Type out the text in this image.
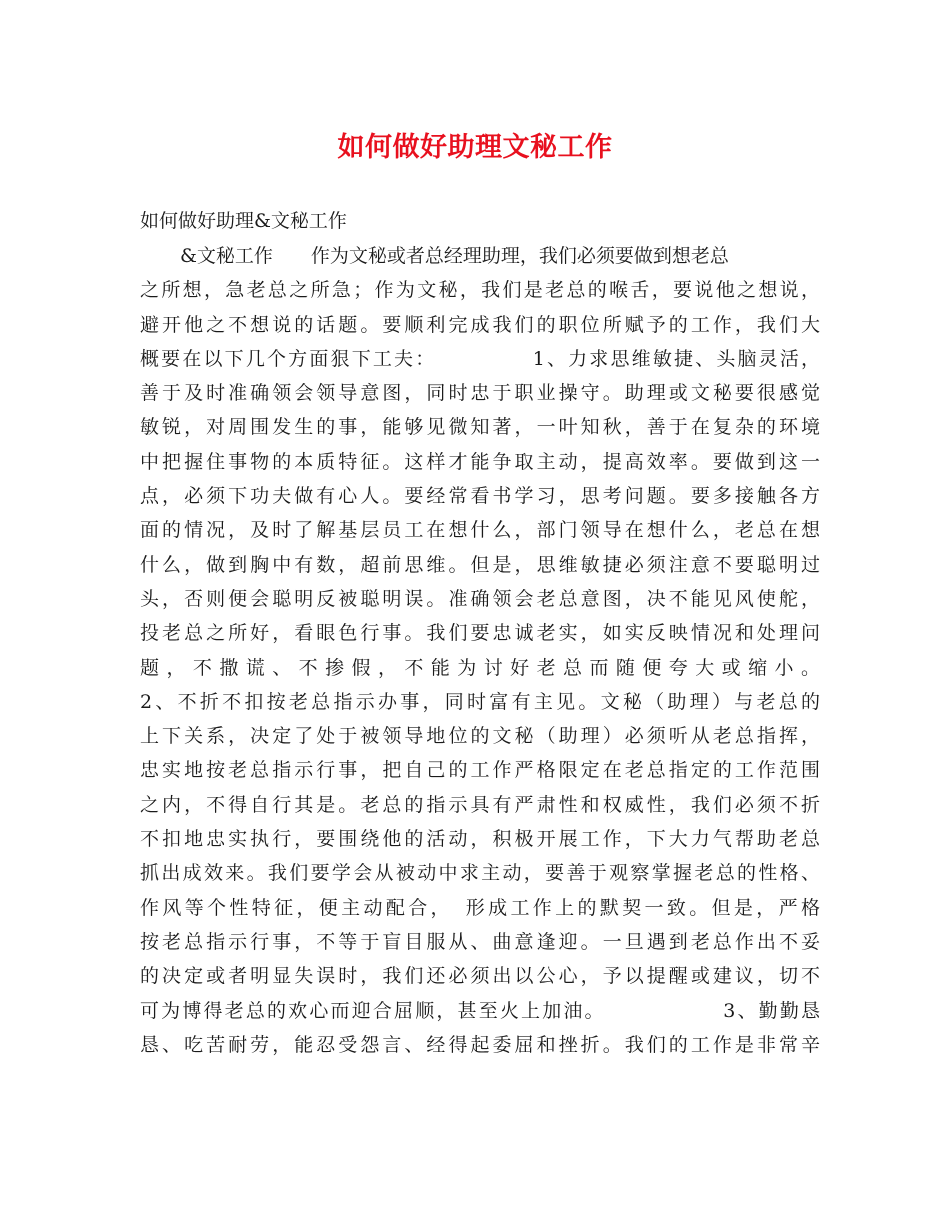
如何做好助理文秘工作
如何做好助理&文秘工作
&文秘工作　　作为文秘或者总经理助理，我们必须要做到想老总
之所想，急老总之所急；作为文秘，我们是老总的喉舌，要说他之想说，
避开他之不想说的话题。要顺利完成我们的职位所赋予的工作，我们大
概要在以下几个方面狠下工夫：　　　　　1、力求思维敏捷、头脑灵活，
善于及时准确领会领导意图，同时忠于职业操守。助理或文秘要很感觉
敏锐，对周围发生的事，能够见微知著，一叶知秋，善于在复杂的环境
中把握住事物的本质特征。这样才能争取主动，提高效率。要做到这一
点，必须下功夫做有心人。要经常看书学习，思考问题。要多接触各方
面的情况，及时了解基层员工在想什么，部门领导在想什么，老总在想
什么，做到胸中有数，超前思维。但是，思维敏捷必须注意不要聪明过
头，否则便会聪明反被聪明误。准确领会老总意图，决不能见风使舵，
投老总之所好，看眼色行事。我们要忠诚老实，如实反映情况和处理问
题，不撒谎、不掺假，不能为讨好老总而随便夸大或缩小。
2、不折不扣按老总指示办事，同时富有主见。文秘（助理）与老总的
上下关系，决定了处于被领导地位的文秘（助理）必须听从老总指挥，
忠实地按老总指示行事，把自己的工作严格限定在老总指定的工作范围
之内，不得自行其是。老总的指示具有严肃性和权威性，我们必须不折
不扣地忠实执行，要围绕他的活动，积极开展工作，下大力气帮助老总
抓出成效来。我们要学会从被动中求主动，要善于观察掌握老总的性格、
作风等个性特征，便主动配合，　形成工作上的默契一致。但是，严格
按老总指示行事，不等于盲目服从、曲意逢迎。一旦遇到老总作出不妥
的决定或者明显失误时，我们还必须出以公心，予以提醒或建议，切不
可为博得老总的欢心而迎合屈顺，甚至火上加油。　　　　　　3、勤勤恳
恳、吃苦耐劳，能忍受怨言、经得起委屈和挫折。我们的工作是非常辛
